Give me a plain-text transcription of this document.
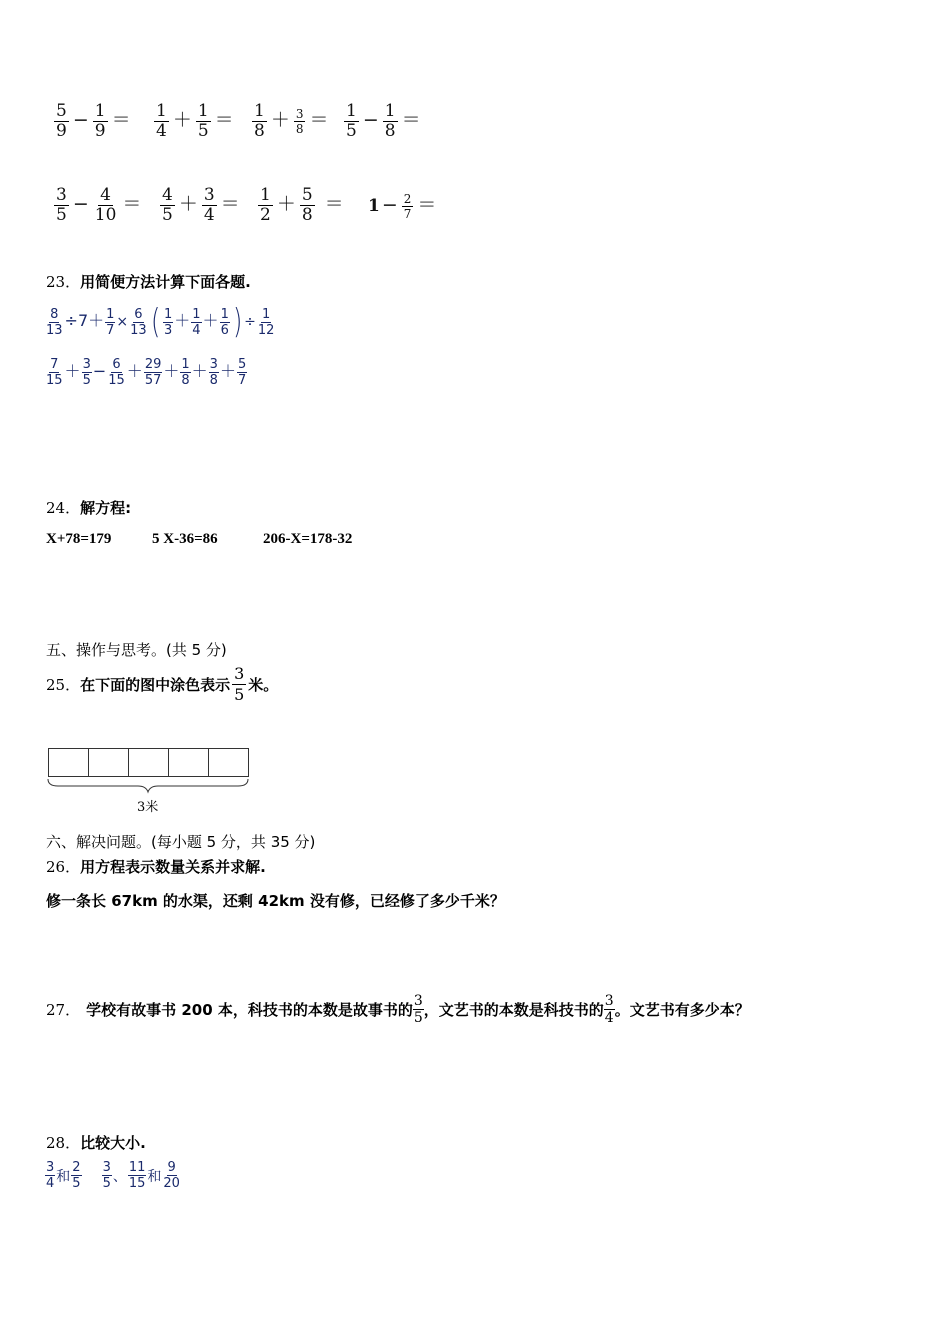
$\frac{5}{9} - \frac{1}{9} = \frac{1}{4} + \frac{1}{5} = \frac{1}{8} + \frac{3}{8} = \frac{1}{5} - \frac{1}{8}$ ＝
$\frac{3}{5} - \frac{4}{10} = \frac{4}{5} + \frac{3}{4} = \frac{1}{2} + \frac{5}{8} = 1 - \frac{2}{7}$ ＝
23．用简便方法计算下面各题.
$\frac{8}{13} \div 7+ \frac{1}{7} \times \frac{6}{13}$ ( $\frac{1}{3} + \frac{1}{4} + \frac{1}{6}$ ) ÷ $\frac{1}{12}$
$\frac{7}{15} + \frac{3}{5} - \frac{6}{15} + \frac{29}{57} + \frac{1}{8} + \frac{3}{8} + \frac{5}{7}$
24．解方程:
X+78=179	5 X-36=86	206-X=178-32
五、操作与思考。(共 5 分)
25． 在下面的图中涂色表示 $\frac{3}{5}$ 米。
3米
六、解决问题。(每小题 5 分，共 35 分)
26．用方程表示数量关系并求解.
修一条长 67km 的水渠，还剩 42km 没有修，已经修了多少千米？
27． 学校有故事书 200 本，科技书的本数是故事书的 $\frac{3}{5}$ ，文艺书的本数是科技书的 $\frac{3}{4}$ 。文艺书有多少本？
28．比较大小.
$\frac{3}{4}$ 和 $\frac{2}{5} \frac{3}{5}$ 、 $\frac{11}{15}$ 和 $\frac{9}{20}$
